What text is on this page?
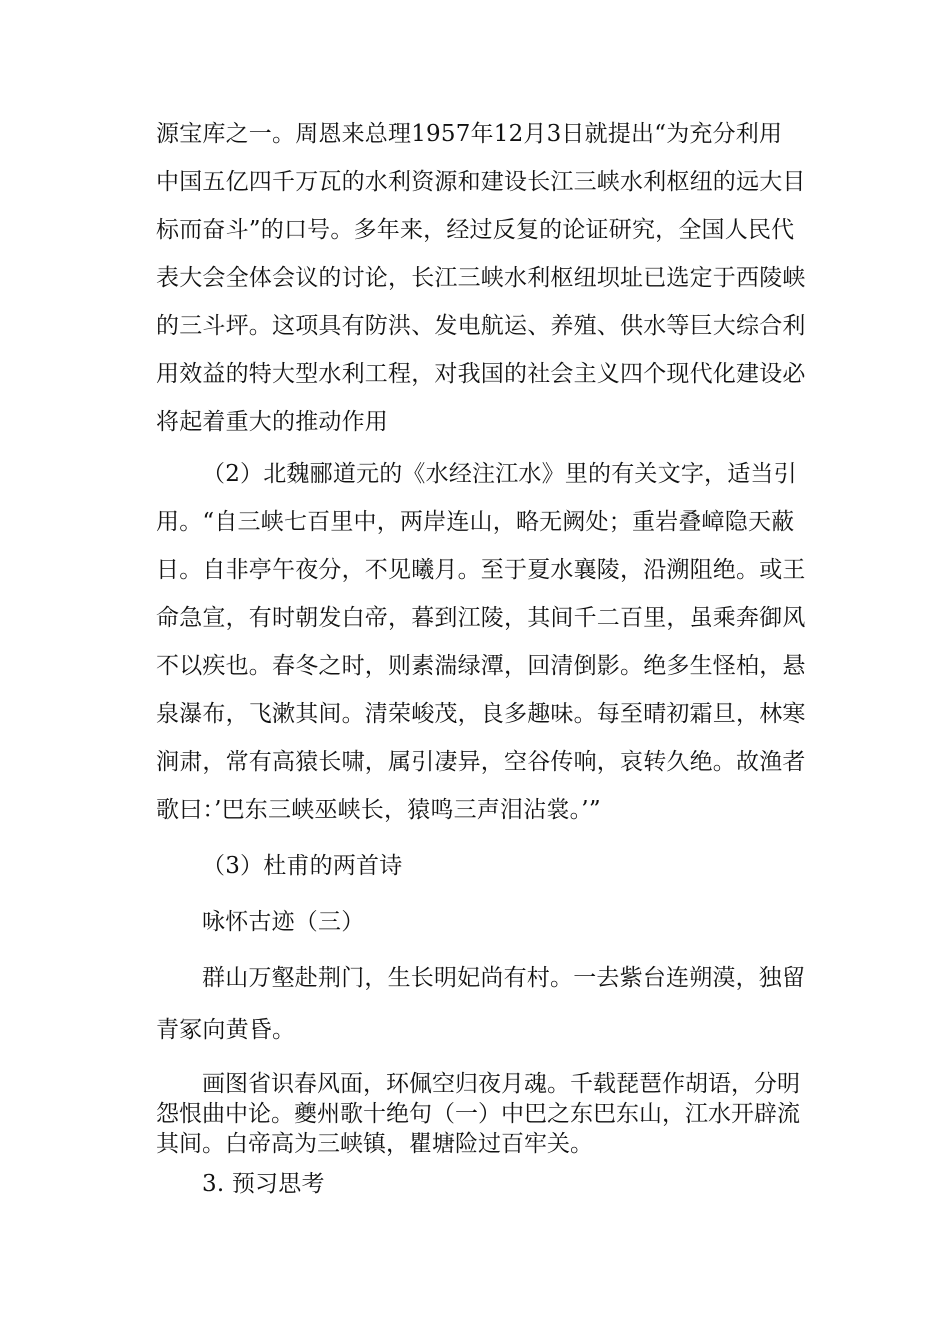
源宝库之一。周恩来总理1957年12月3日就提出“为充分利用

中国五亿四千万瓦的水利资源和建设长江三峡水利枢纽的远大目

标而奋斗”的口号。多年来，经过反复的论证研究，全国人民代

表大会全体会议的讨论，长江三峡水利枢纽坝址已选定于西陵峡

的三斗坪。这项具有防洪、发电航运、养殖、供水等巨大综合利

用效益的特大型水利工程，对我国的社会主义四个现代化建设必

将起着重大的推动作用

（2）北魏郦道元的《水经注江水》里的有关文字，适当引

用。“自三峡七百里中，两岸连山，略无阙处；重岩叠嶂隐天蔽

日。自非亭午夜分，不见曦月。至于夏水襄陵，沿溯阻绝。或王

命急宣，有时朝发白帝，暮到江陵，其间千二百里，虽乘奔御风

不以疾也。春冬之时，则素湍绿潭，回清倒影。绝多生怪柏，悬

泉瀑布，飞漱其间。清荣峻茂，良多趣味。每至晴初霜旦，林寒

涧肃，常有高猿长啸，属引凄异，空谷传响，哀转久绝。故渔者

歌曰：’巴东三峡巫峡长，猿鸣三声泪沾裳。’”

（3）杜甫的两首诗

咏怀古迹（三）

群山万壑赴荆门，生长明妃尚有村。一去紫台连朔漠，独留

青冢向黄昏。

画图省识春风面，环佩空归夜月魂。千载琵琶作胡语，分明

怨恨曲中论。夔州歌十绝句（一）中巴之东巴东山，江水开辟流

其间。白帝高为三峡镇，瞿塘险过百牢关。

3. 预习思考
